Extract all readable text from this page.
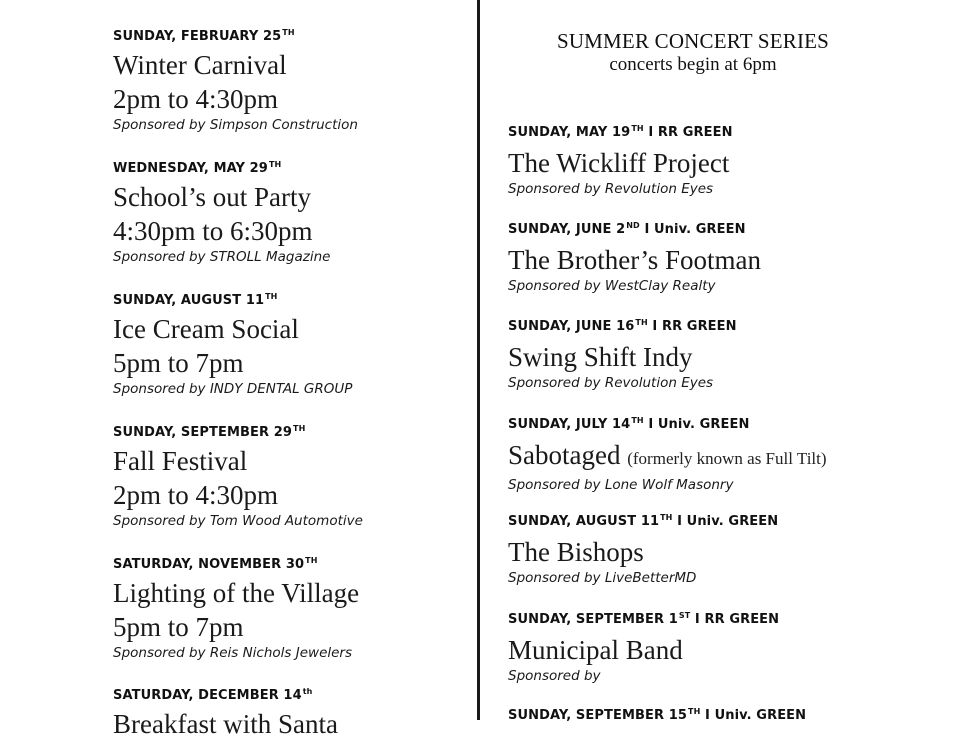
SUNDAY, FEBRUARY 25TH
Winter Carnival
2pm to 4:30pm
Sponsored by Simpson Construction
WEDNESDAY, MAY 29TH
School’s out Party
4:30pm to 6:30pm
Sponsored by STROLL Magazine
SUNDAY, AUGUST 11TH
Ice Cream Social
5pm to 7pm
Sponsored by INDY DENTAL GROUP
SUNDAY, SEPTEMBER 29TH
Fall Festival
2pm to 4:30pm
Sponsored by Tom Wood Automotive
SATURDAY, NOVEMBER 30TH
Lighting of the Village
5pm to 7pm
Sponsored by Reis Nichols Jewelers
SATURDAY, DECEMBER 14th
Breakfast with Santa
SUMMER CONCERT SERIES
concerts begin at 6pm
SUNDAY, MAY 19TH I RR GREEN
The Wickliff Project
Sponsored by Revolution Eyes
SUNDAY, JUNE 2ND I Univ. GREEN
The Brother’s Footman
Sponsored by WestClay Realty
SUNDAY, JUNE 16TH I RR GREEN
Swing Shift Indy
Sponsored by Revolution Eyes
SUNDAY, JULY 14TH I Univ. GREEN
Sabotaged (formerly known as Full Tilt)
Sponsored by Lone Wolf Masonry
SUNDAY, AUGUST 11TH I Univ. GREEN
The Bishops
Sponsored by LiveBetterMD
SUNDAY, SEPTEMBER 1ST I RR GREEN
Municipal Band
Sponsored by
SUNDAY, SEPTEMBER 15TH I Univ. GREEN
